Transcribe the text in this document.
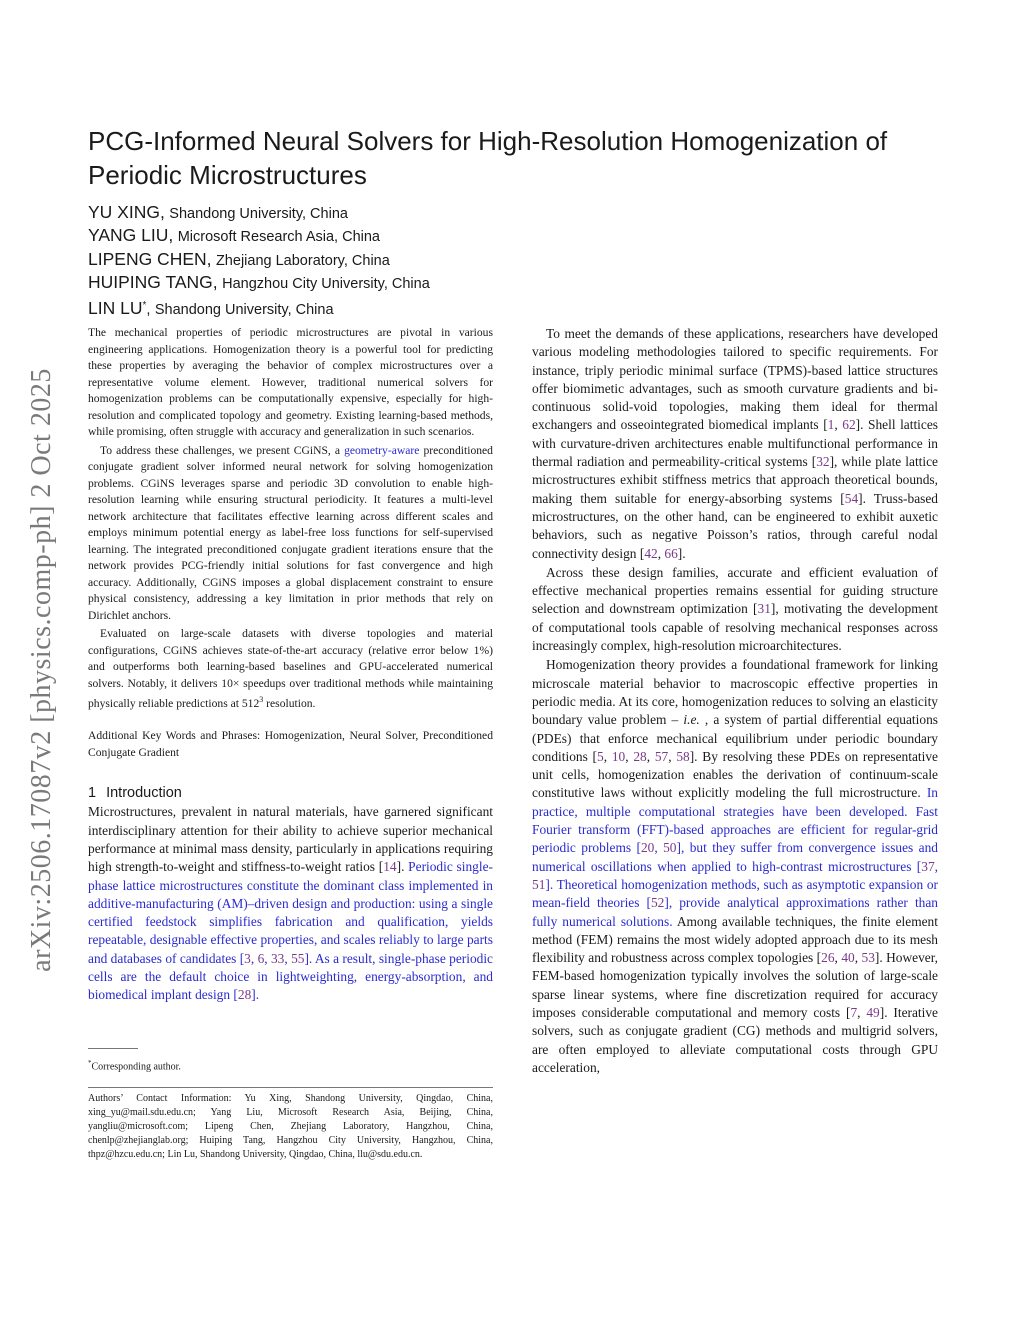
arXiv:2506.17087v2 [physics.comp-ph] 2 Oct 2025
PCG-Informed Neural Solvers for High-Resolution Homogenization of Periodic Microstructures
YU XING, Shandong University, China
YANG LIU, Microsoft Research Asia, China
LIPENG CHEN, Zhejiang Laboratory, China
HUIPING TANG, Hangzhou City University, China
LIN LU*, Shandong University, China

The mechanical properties of periodic microstructures are pivotal in various engineering applications. Homogenization theory is a powerful tool for predicting these properties by averaging the behavior of complex microstructures over a representative volume element. However, traditional numerical solvers for homogenization problems can be computationally expensive, especially for high-resolution and complicated topology and geometry. Existing learning-based methods, while promising, often struggle with accuracy and generalization in such scenarios.

To address these challenges, we present CGiNS, a geometry-aware preconditioned conjugate gradient solver informed neural network for solving homogenization problems. CGiNS leverages sparse and periodic 3D convolution to enable high-resolution learning while ensuring structural periodicity. It features a multi-level network architecture that facilitates effective learning across different scales and employs minimum potential energy as label-free loss functions for self-supervised learning. The integrated preconditioned conjugate gradient iterations ensure that the network provides PCG-friendly initial solutions for fast convergence and high accuracy. Additionally, CGiNS imposes a global displacement constraint to ensure physical consistency, addressing a key limitation in prior methods that rely on Dirichlet anchors.

Evaluated on large-scale datasets with diverse topologies and material configurations, CGiNS achieves state-of-the-art accuracy (relative error below 1%) and outperforms both learning-based baselines and GPU-accelerated numerical solvers. Notably, it delivers 10× speedups over traditional methods while maintaining physically reliable predictions at $512^3$ resolution.

Additional Key Words and Phrases: Homogenization, Neural Solver, Preconditioned Conjugate Gradient
1 Introduction

Microstructures, prevalent in natural materials, have garnered significant interdisciplinary attention for their ability to achieve superior mechanical performance at minimal mass density, particularly in applications requiring high strength-to-weight and stiffness-to-weight ratios [14]. Periodic single-phase lattice microstructures constitute the dominant class implemented in additive-manufacturing (AM)–driven design and production: using a single certified feedstock simplifies fabrication and qualification, yields repeatable, designable effective properties, and scales reliably to large parts and databases of candidates [3, 6, 33, 55]. As a result, single-phase periodic cells are the default choice in lightweighting, energy-absorption, and biomedical implant design [28].

To meet the demands of these applications, researchers have developed various modeling methodologies tailored to specific requirements. For instance, triply periodic minimal surface (TPMS)-based lattice structures offer biomimetic advantages, such as smooth curvature gradients and bi-continuous solid-void topologies, making them ideal for thermal exchangers and osseointegrated biomedical implants [1, 62]. Shell lattices with curvature-driven architectures enable multifunctional performance in thermal radiation and permeability-critical systems [32], while plate lattice microstructures exhibit stiffness metrics that approach theoretical bounds, making them suitable for energy-absorbing systems [54]. Truss-based microstructures, on the other hand, can be engineered to exhibit auxetic behaviors, such as negative Poisson’s ratios, through careful nodal connectivity design [42, 66].

Across these design families, accurate and efficient evaluation of effective mechanical properties remains essential for guiding structure selection and downstream optimization [31], motivating the development of computational tools capable of resolving mechanical responses across increasingly complex, high-resolution microarchitectures.

Homogenization theory provides a foundational framework for linking microscale material behavior to macroscopic effective properties in periodic media. At its core, homogenization reduces to solving an elasticity boundary value problem – i.e. , a system of partial differential equations (PDEs) that enforce mechanical equilibrium under periodic boundary conditions [5, 10, 28, 57, 58]. By resolving these PDEs on representative unit cells, homogenization enables the derivation of continuum-scale constitutive laws without explicitly modeling the full microstructure. In practice, multiple computational strategies have been developed. Fast Fourier transform (FFT)-based approaches are efficient for regular-grid periodic problems [20, 50], but they suffer from convergence issues and numerical oscillations when applied to high-contrast microstructures [37, 51]. Theoretical homogenization methods, such as asymptotic expansion or mean-field theories [52], provide analytical approximations rather than fully numerical solutions. Among available techniques, the finite element method (FEM) remains the most widely adopted approach due to its mesh flexibility and robustness across complex topologies [26, 40, 53]. However, FEM-based homogenization typically involves the solution of large-scale sparse linear systems, where fine discretization required for accuracy imposes considerable computational and memory costs [7, 49]. Iterative solvers, such as conjugate gradient (CG) methods and multigrid solvers, are often employed to alleviate computational costs through GPU acceleration,

*Corresponding author.
Authors’ Contact Information: Yu Xing, Shandong University, Qingdao, China, xing_yu@mail.sdu.edu.cn; Yang Liu, Microsoft Research Asia, Beijing, China, yangliu@microsoft.com; Lipeng Chen, Zhejiang Laboratory, Hangzhou, China, chenlp@zhejianglab.org; Huiping Tang, Hangzhou City University, Hangzhou, China, thpz@hzcu.edu.cn; Lin Lu, Shandong University, Qingdao, China, llu@sdu.edu.cn.
